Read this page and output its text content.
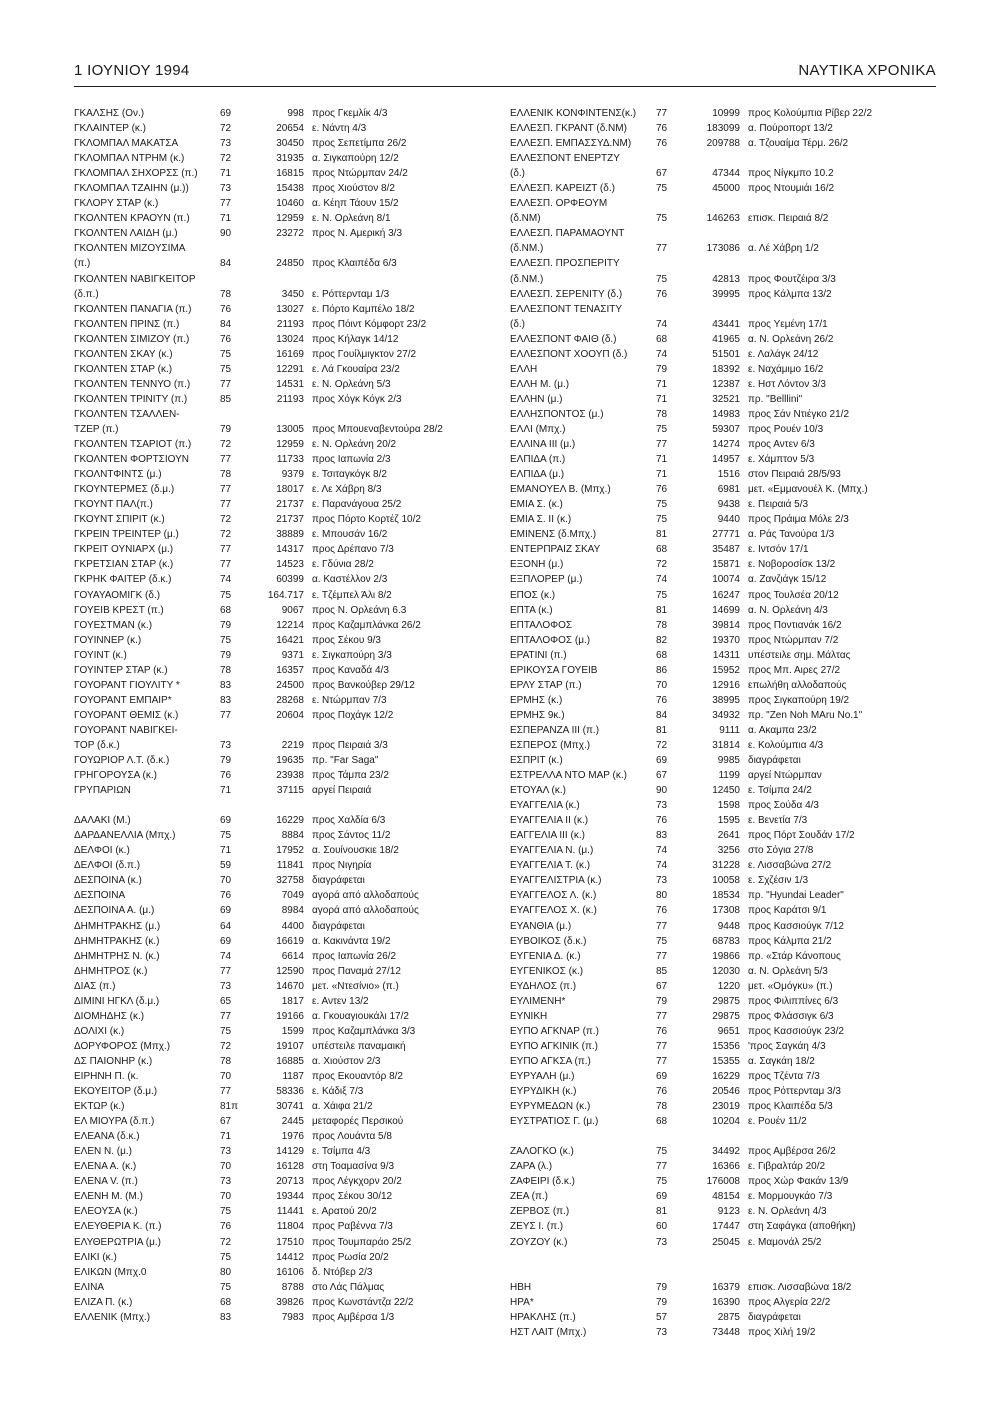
1 ΙΟΥΝΙΟΥ 1994	ΝΑΥΤΙΚΑ ΧΡΟΝΙΚΑ
ΓΚΑΛΣΗΣ (Ον.)	69	998 προς Γκεμλίκ 4/3
ΓΚΛΑΙΝΤΕΡ (κ.)	72	20654 ε. Νάντη 4/3
ΓΚΛΟΜΠΑΛ ΜΑΚΑΤΣΑ	73	30450 προς Σεπετίμπα 26/2
ΓΚΛΟΜΠΑΛ ΝΤΡΗΜ (κ.)	72	31935 α. Σιγκαπούρη 12/2
ΓΚΛΟΜΠΑΛ ΣΗΧΟΡΣΣ (π.) 71	16815 προς Ντώρμπαν 24/2
ΓΚΛΟΜΠΑΛ ΤΖΑΙΗΝ (μ.))	73	15438 προς Χιούστον 8/2
ΓΚΛΟΡΥ ΣΤΑΡ (κ.)	77	10460 α. Κέηπ Τάουν 15/2
ΓΚΟΛΝΤΕΝ ΚΡΑΟΥΝ (π.)	71	12959 ε. Ν. Ορλεάνη 8/1
ΓΚΟΛΝΤΕΝ ΛΑΙΔΗ (μ.)	90	23272 προς Ν. Αμερική 3/3
ΓΚΟΛΝΤΕΝ ΜΙΖΟΥΣΙΜΑ
(π.)	84	24850 προς Κλαιπέδα 6/3
ΓΚΟΛΝΤΕΝ ΝΑΒΙΓΚΕΙΤΟΡ
(δ.π.)	78	3450 ε. Ρόττερνταμ 1/3
ΓΚΟΛΝΤΕΝ ΠΑΝΑΓΙΑ (π.)	76	13027 ε. Πόρτο Καμπέλο 18/2
ΓΚΟΛΝΤΕΝ ΠΡΙΝΣ (π.)	84	21193 προς Πόιντ Κόμφορτ 23/2
ΓΚΟΛΝΤΕΝ ΣΙΜΙΖΟΥ (π.)	76	13024 προς Κήλαγκ 14/12
ΓΚΟΛΝΤΕΝ ΣΚΑΥ (κ.)	75	16169 προς Γουίλμιγκτον 27/2
ΓΚΟΛΝΤΕΝ ΣΤΑΡ (κ.)	75	12291 ε. Λά Γκουαίρα 23/2
ΓΚΟΛΝΤΕΝ ΤΕΝΝΥΟ (π.)	77	14531 ε. Ν. Ορλεάνη 5/3
ΓΚΟΛΝΤΕΝ ΤΡΙΝΙΤΥ (π.)	85	21193 προς Χόγκ Κόγκ 2/3
ΓΚΟΛΝΤΕΝ ΤΣΑΛΛΕΝ-
ΤΖΕΡ (π.)	79	13005 προς Μπουεναβεντούρα 28/2
ΓΚΟΛΝΤΕΝ ΤΣΑΡΙΟΤ (π.)	72	12959 ε. Ν. Ορλεάνη 20/2
ΓΚΟΛΝΤΕΝ ΦΟΡΤΣΙΟΥΝ	77	11733 προς Ιαπωνία 2/3
ΓΚΟΛΝΤΦΙΝΤΣ (μ.)	78	9379 ε. Τσιταγκόγκ 8/2
ΓΚΟΥΝΤΕΡΜΕΣ (δ.μ.)	77	18017 ε. Λε Χάβρη 8/3
ΓΚΟΥΝΤ ΠΑΛ(π.)	77	21737 ε. Παρανάγουα 25/2
ΓΚΟΥΝΤ ΣΠΙΡΙΤ (κ.)	72	21737 προς Πόρτο Κορτέζ 10/2
ΓΚΡΕΙΝ ΤΡΕΙΝΤΕΡ (μ.)	72	38889 ε. Μπουσάν 16/2
ΓΚΡΕΙΤ ΟΥΝΙΑΡΧ (μ.)	77	14317 προς Δρέπανο 7/3
ΓΚΡΕΤΣΙΑΝ ΣΤΑΡ (κ.)	77	14523 ε. Γδύνια 28/2
ΓΚΡΗΚ ΦΑΙΤΕΡ (δ.κ.)	74	60399 α. Καστέλλον 2/3
ΓΟΥΑΥΑΟΜΙΓΚ (δ.)	75	164.717 ε. Τζέμπελ Άλι 8/2
ΓΟΥΕΙΒ ΚΡΕΣΤ (π.)	68	9067 προς Ν. Ορλεάνη 6.3
ΓΟΥΕΣΤΜΑΝ (κ.)	79	12214 προς Καζαμπλάνκα 26/2
ΓΟΥΙΝΝΕΡ (κ.)	75	16421 προς Σέκου 9/3
ΓΟΥΙΝΤ (κ.)	79	9371 ε. Σιγκαπούρη 3/3
ΓΟΥΙΝΤΕΡ ΣΤΑΡ (κ.)	78	16357 προς Καναδά 4/3
ΓΟΥΟΡΑΝΤ ΓΙΟΥΛΙΤΥ *	83	24500 προς Βανκούβερ 29/12
ΓΟΥΟΡΑΝΤ ΕΜΠΑΙΡ*	83	28268 ε. Ντώρμπαν 7/3
ΓΟΥΟΡΑΝΤ ΘΕΜΙΣ (κ.)	77	20604 προς Ποχάγκ 12/2
ΓΟΥΟΡΑΝΤ ΝΑΒΙΓΚΕΙ-
ΤΟΡ (δ.κ.)	73	2219 προς Πειραιά 3/3
ΓΟΥΩΡΙΟΡ Λ.Τ. (δ.κ.)	79	19635 πρ. "Far Saga"
ΓΡΗΓΟΡΟΥΣΑ (κ.)	76	23938 προς Τάμπα 23/2
ΓΡΥΠΑΡΙΩΝ	71	37115 αργεί Πειραιά
ΔΑΛΑΚΙ (Μ.)	69	16229 προς Χαλδία 6/3
ΔΑΡΔΑΝΕΛΛΙΑ (Μπχ.)	75	8884 προς Σάντος 11/2
ΔΕΛΦΟΙ (κ.)	71	17952 α. Σουίνουσκιε 18/2
ΔΕΛΦΟΙ (δ.π.)	59	11841 προς Νιγηρία
ΔΕΣΠΟΙΝΑ (κ.)	70	32758 διαγράφεται
ΔΕΣΠΟΙΝΑ	76	7049 αγορά από αλλοδαπούς
ΔΕΣΠΟΙΝΑ Α. (μ.)	69	8984 αγορά από αλλοδαπούς
ΔΗΜΗΤΡΑΚΗΣ (μ.)	64	4400 διαγράφεται
ΔΗΜΗΤΡΑΚΗΣ (κ.)	69	16619 α. Κακινάντα 19/2
ΔΗΜΗΤΡΗΣ Ν. (κ.)	74	6614 προς Ιαπωνία 26/2
ΔΗΜΗΤΡΟΣ (κ.)	77	12590 προς Παναμά 27/12
ΔΙΑΣ (π.)	73	14670 μετ. «Ντεσίνιο» (π.)
ΔΙΜΙΝΙ ΗΓΚΛ (δ.μ.)	65	1817 ε. Αντεν 13/2
ΔΙΟΜΗΔΗΣ (κ.)	77	19166 α. Γκουαγιουκάλι 17/2
ΔΟΛΙΧΙ (κ.)	75	1599 προς Καζαμπλάνκα 3/3
ΔΟΡΥΦΟΡΟΣ (Μπχ.)	72	19107 υπέστειλε παναμαική
ΔΣ ΠΑΙΟΝΗΡ (κ.)	78	16885 α. Χιούστον 2/3
ΕΙΡΗΝΗ Π. (κ.	70	1187 προς Εκουαντόρ 8/2
ΕΚΟΥΕΙΤΟΡ (δ.μ.)	77	58336 ε. Κάδιξ 7/3
ΕΚΤΩΡ (κ.)	81π	30741 α. Χάιφα 21/2
ΕΛ ΜΙΟΥΡΑ (δ.π.)	67	2445 μεταφορές Περσικού
ΕΛΕΑΝΑ (δ.κ.)	71	1976 προς Λουάντα 5/8
ΕΛΕΝ Ν. (μ.)	73	14129 ε. Τσίμπα 4/3
ΕΛΕΝΑ Α. (κ.)	70	16128 στη Τοαμασίνα 9/3
ΕΛΕΝΑ V. (π.)	73	20713 προς Λέγκχορν 20/2
ΕΛΕΝΗ Μ. (Μ.)	70	19344 προς Σέκου 30/12
ΕΛΕΟΥΣΑ (κ.)	75	11441 ε. Αρατού 20/2
ΕΛΕΥΘΕΡΙΑ Κ. (π.)	76	11804 προς Ραβέννα 7/3
ΕΛΥΘΕΡΩΤΡΙΑ (μ.)	72	17510 προς Τουμπαράο 25/2
ΕΛΙΚΙ (κ.)	75	14412 προς Ρωσία 20/2
ΕΛΙΚΩΝ (Μπχ.0	80	16106 δ. Ντόβερ 2/3
ΕΛΙΝΑ	75	8788 στο Λάς Πάλμας
ΕΛΙΖΑ Π. (κ.)	68	39826 προς Κωνστάντζα 22/2
ΕΛΛΕΝΙΚ (Μπχ.)	83	7983 προς Αμβέρσα 1/3
ΕΛΛΕΝΙΚ ΚΟΝΦΙΝΤΕΝΣ(κ.) 77	10999 προς Κολούμπια Ρίβερ 22/2
ΕΛΛΕΣΠ. ΓΚΡΑΝΤ (δ.ΝΜ)	76	183099 α. Πούροπορτ 13/2
ΕΛΛΕΣΠ. ΕΜΠΑΣΣΥΔ.ΝΜ) 76	209788 α. Τζουαίμα Τέρμ. 26/2
ΕΛΛΕΣΠΟΝΤ ΕΝΕΡΤΖΥ
(δ.)	67	47344 προς Νίγκμπο 10.2
ΕΛΛΕΣΠ. ΚΑΡΕΙΖΤ (δ.)	75	45000 προς Ντουμιάι 16/2
ΕΛΛΕΣΠ. ΟΡΦΕΟΥΜ
(δ.ΝΜ)	75	146263 επισκ. Πειραιά 8/2
ΕΛΛΕΣΠ. ΠΑΡΑΜΑΟΥΝΤ
(δ.ΝΜ.)	77	173086 α. Λέ Χάβρη 1/2
ΕΛΛΕΣΠ. ΠΡΟΣΠΕΡΙΤΥ
(δ.ΝΜ.)	75	42813 προς Φουτζέιρα 3/3
ΕΛΛΕΣΠ. ΣΕΡΕΝΙΤΥ (δ.)	76	39995 προς Κάλμπα 13/2
ΕΛΛΕΣΠΟΝΤ ΤΕΝΑΣΙΤΥ
(δ.)	74	43441 προς Υεμένη 17/1
ΕΛΛΕΣΠΟΝΤ ΦΑΙΘ (δ.)	68	41965 α. Ν. Ορλεάνη 26/2
ΕΛΛΕΣΠΟΝΤ ΧΟΟΥΠ (δ.)	74	51501 ε. Λαλάγκ 24/12
ΕΛΛΗ	79	18392 ε. Ναχάμιμο 16/2
ΕΛΛΗ Μ. (μ.)	71	12387 ε. Ηστ Λόντον 3/3
ΕΛΛΗΝ (μ.)	71	32521 πρ. "Belllini"
ΕΛΛΗΣΠΟΝΤΟΣ (μ.)	78	14983 προς Σάν Ντιέγκο 21/2
ΕΛΛΙ (Μπχ.)	75	59307 προς Ρουέν 10/3
ΕΛΛΙΝΑ III (μ.)	77	14274 προς Αντεν 6/3
ΕΛΠΙΔΑ (π.)	71	14957 ε. Χάμπτον 5/3
ΕΛΠΙΔΑ (μ.)	71	1516 στον Πειραιά 28/5/93
ΕΜΑΝΟΥΕΛ Β. (Μπχ.)	76	6981 μετ. «Εμμανουέλ Κ. (Μπχ.)
ΕΜΙΑ Σ. (κ.)	75	9438 ε. Πειραιά 5/3
ΕΜΙΑ Σ. II (κ.)	75	9440 προς Πράιμα Μόλε 2/3
ΕΜΙΝΕΝΣ (δ.Μπχ.)	81	27771 α. Ράς Τανούρα 1/3
ΕΝΤΕΡΠΡΑΙΖ ΣΚΑΥ	68	35487 ε. Ιντσόν 17/1
ΕΞΟΝΗ (μ.)	72	15871 ε. Νοβοροσίσκ 13/2
ΕΞΠΛΟΡΕΡ (μ.)	74	10074 α. Ζανζιάγκ 15/12
ΕΠΟΣ (κ.)	75	16247 προς Τουλσέα 20/12
ΕΠΤΑ (κ.)	81	14699 α. Ν. Ορλεάνη 4/3
ΕΠΤΑΛΟΦΟΣ	78	39814 προς Ποντιανάκ 16/2
ΕΠΤΑΛΟΦΟΣ (μ.)	82	19370 προς Ντώρμπαν 7/2
ΕΡΑΤΙΝΙ (π.)	68	14311 υπέστειλε σημ. Μάλτας
ΕΡΙΚΟΥΣΑ ΓΟΥΕΙΒ	86	15952 προς Μπ. Αιρες 27/2
ΕΡΛΥ ΣΤΑΡ (π.)	70	12916 επωλήθη αλλοδαπούς
ΕΡΜΗΣ (κ.)	76	38995 προς Σιγκαπούρη 19/2
ΕΡΜΗΣ 9κ.)	84	34932 πρ. "Zen Noh MAru No.1"
ΕΣΠΕΡΑΝΖΑ III (π.)	81	9111 α. Ακαμπα 23/2
ΕΣΠΕΡΟΣ (Μπχ.)	72	31814 ε. Κολούμπια 4/3
ΕΣΠΡΙΤ (κ.)	69	9985 διαγράφεται
ΕΣΤΡΕΛΛΑ ΝΤΟ ΜΑΡ (κ.)	67	1199 αργεί Ντώρμπαν
ΕΤΟΥΑΛ (κ.)	90	12450 ε. Τσίμπα 24/2
ΕΥΑΓΓΕΛΙΑ (κ.)	73	1598 προς Σούδα 4/3
ΕΥΑΓΓΕΛΙΑ II (κ.)	76	1595 ε. Βενετία 7/3
ΕΑΓΓΕΛΙΑ III (κ.)	83	2641 προς Πόρτ Σουδάν 17/2
ΕΥΑΓΓΕΛΙΑ Ν. (μ.)	74	3256 στο Σόγια 27/8
ΕΥΑΓΓΕΛΙΑ Τ. (κ.)	74	31228 ε. Λισσαβώνα 27/2
ΕΥΑΓΓΕΛΙΣΤΡΙΑ (κ.)	73	10058 ε. Σχζέσιν 1/3
ΕΥΑΓΓΕΛΟΣ Λ. (κ.)	80	18534 πρ. "Hyundai Leader"
ΕΥΑΓΓΕΛΟΣ Χ. (κ.)	76	17308 προς Καράτσι 9/1
ΕΥΑΝΘΙΑ (μ.)	77	9448 προς Κασσιούγκ 7/12
ΕΥΒΟΙΚΟΣ (δ.κ.)	75	68783 προς Κάλμπα 21/2
ΕΥΓΕΝΙΑ Δ. (κ.)	77	19866 πρ. «Στάρ Κάνοπους
ΕΥΓΕΝΙΚΟΣ (κ.)	85	12030 α. Ν. Ορλεάνη 5/3
ΕΥΔΗΛΟΣ (π.)	67	1220 μετ. «Ομόγκυ» (π.)
ΕΥΛΙΜΕΝΗ*	79	29875 προς Φιλιππίνες 6/3
ΕΥΝΙΚΗ	77	29875 προς Φλάσσιγκ 6/3
ΕΥΠΟ ΑΓΚΝΑΡ (π.)	76	9651 προς Κασσιούγκ 23/2
ΕΥΠΟ ΑΓΚΙΝΙΚ (π.)	77	15356 'προς Σαγκάη 4/3
ΕΥΠΟ ΑΓΚΣΑ (π.)	77	15355 α. Σαγκάη 18/2
ΕΥΡΥΑΛΗ (μ.)	69	16229 προς Τζέντα 7/3
ΕΥΡΥΔΙΚΗ (κ.)	76	20546 προς Ρόττερνταμ 3/3
ΕΥΡΥΜΕΔΩΝ (κ.)	78	23019 προς Κλαιπέδα 5/3
ΕΥΣΤΡΑΤΙΟΣ Γ. (μ.)	68	10204 ε. Ρουέν 11/2
ΖΑΛΟΓΚΟ (κ.)	75	34492 προς Αμβέρσα 26/2
ΖΑΡΑ (λ.)	77	16366 ε. Γιβραλτάρ 20/2
ΖΑΦΕΙΡΙ (δ.κ.)	75	176008 προς Χώρ Φακάν 13/9
ΖΕΑ (π.)	69	48154 ε. Μορμουγκάο 7/3
ΖΕΡΒΟΣ (π.)	81	9123 ε. Ν. Ορλεάνη 4/3
ΖΕΥΣ Ι. (π.)	60	17447 στη Σαφάγκα (αποθήκη)
ΖΟΥΖΟΥ (κ.)	73	25045 ε. Μαμονάλ 25/2
ΗΒΗ	79	16379 επισκ. Λισσαβώνα 18/2
ΗΡΑ*	79	16390 προς Αλγερία 22/2
ΗΡΑΚΛΗΣ (π.)	57	2875 διαγράφεται
ΗΣΤ ΛΑΙΤ (Μπχ.)	73	73448 προς Χιλή 19/2
